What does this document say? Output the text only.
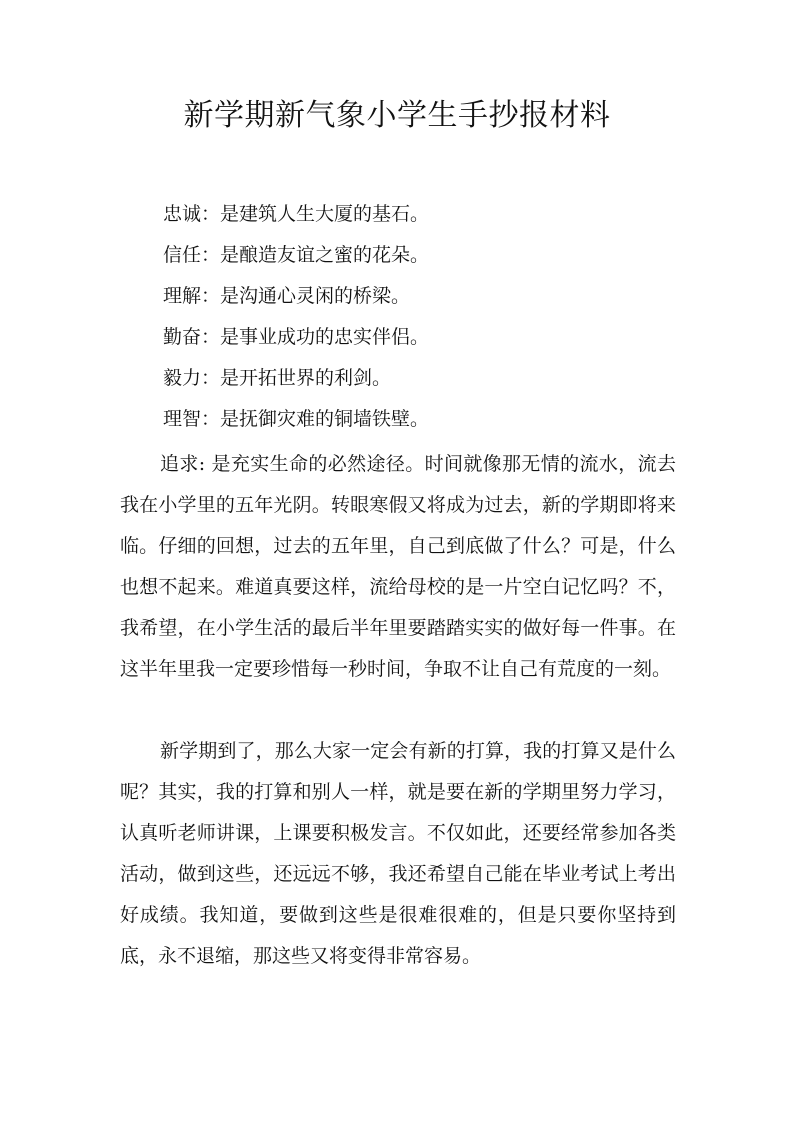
新学期新气象小学生手抄报材料
忠诚：是建筑人生大厦的基石。
信任：是酿造友谊之蜜的花朵。
理解：是沟通心灵闲的桥梁。
勤奋：是事业成功的忠实伴侣。
毅力：是开拓世界的利剑。
理智：是抚御灾难的铜墙铁壁。

追求: 是充实生命的必然途径。时间就像那无情的流水，流去我在小学里的五年光阴。转眼寒假又将成为过去，新的学期即将来临。仔细的回想，过去的五年里，自己到底做了什么？可是，什么也想不起来。难道真要这样，流给母校的是一片空白记忆吗？不，我希望，在小学生活的最后半年里要踏踏实实的做好每一件事。在这半年里我一定要珍惜每一秒时间，争取不让自己有荒度的一刻。

新学期到了，那么大家一定会有新的打算，我的打算又是什么呢？其实，我的打算和别人一样，就是要在新的学期里努力学习，认真听老师讲课，上课要积极发言。不仅如此，还要经常参加各类活动，做到这些，还远远不够，我还希望自己能在毕业考试上考出好成绩。我知道，要做到这些是很难很难的，但是只要你坚持到底，永不退缩，那这些又将变得非常容易。
